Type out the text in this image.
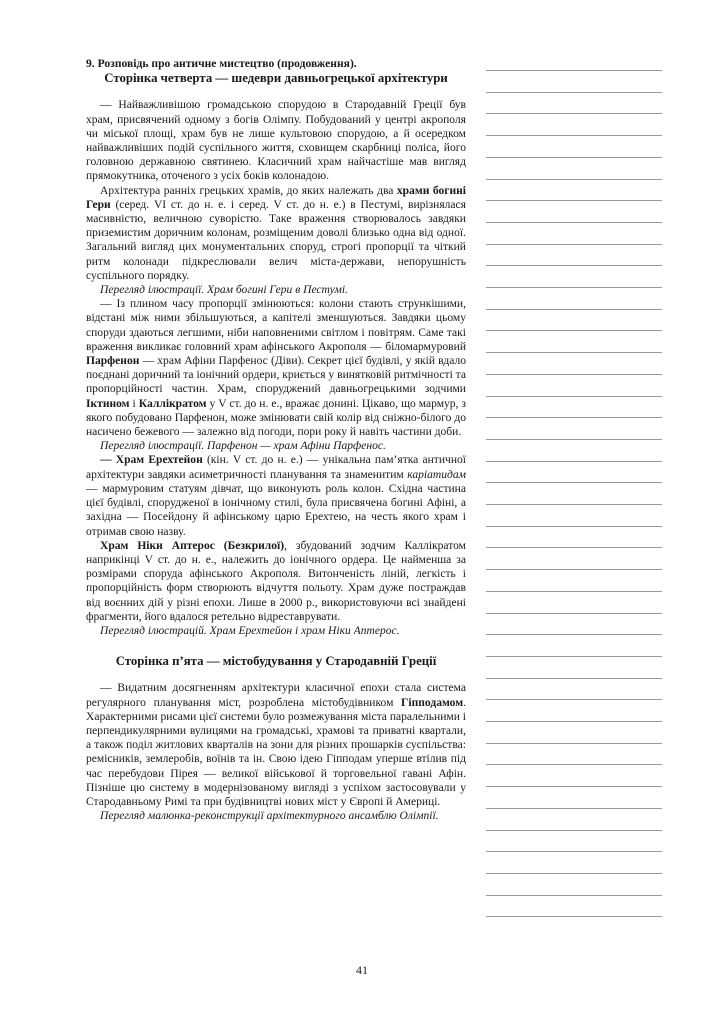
9. Розповідь про античне мистецтво (продовження).

Сторінка четверта — шедеври давньогрецької архітектури

— Найважливішою громадською спорудою в Стародавній Греції був храм, присвячений одному з богів Олімпу. Побудований у центрі акрополя чи міської площі, храм був не лише культовою спорудою, а й осередком найважливіших подій суспільного життя, сховищем скарбниці поліса, його головною державною святинею. Класичний храм найчастіше мав вигляд прямокутника, оточеного з усіх боків колонадою.

Архітектура ранніх грецьких храмів, до яких належать два храми богині Гери (серед. VI ст. до н. е. і серед. V ст. до н. е.) в Пестумі, вирізнялася масивністю, величною суворістю. Таке враження створювалось завдяки приземистим доричним колонам, розміщеним доволі близько одна від одної. Загальний вигляд цих монументальних споруд, строгі пропорції та чіткий ритм колонади підкреслювали велич міста-держави, непорушність суспільного порядку.

Перегляд ілюстрації. Храм богині Гери в Пестумі.

— Із плином часу пропорції змінюються: колони стають стрункішими, відстані між ними збільшуються, а капітелі зменшуються. Завдяки цьому споруди здаються легшими, ніби наповненими світлом і повітрям. Саме такі враження викликає головний храм афінського Акрополя — біломармуровий Парфенон — храм Афіни Парфенос (Діви). Секрет цієї будівлі, у якій вдало поєднані доричний та іонічний ордери, криється у винятковій ритмічності та пропорційності частин. Храм, споруджений давньогрецькими зодчими Іктином і Каллікратом у V ст. до н. е., вражає донині. Цікаво, що мармур, з якого побудовано Парфенон, може змінювати свій колір від сніжно-білого до насичено бежевого — залежно від погоди, пори року й навіть частини доби.

Перегляд ілюстрації. Парфенон — храм Афіни Парфенос.

— Храм Ерехтейон (кін. V ст. до н. е.) — унікальна пам’ятка античної архітектури завдяки асиметричності планування та знаменитим каріатидам — мармуровим статуям дівчат, що виконують роль колон. Східна частина цієї будівлі, спорудженої в іонічному стилі, була присвячена богині Афіні, а західна — Посейдону й афінському царю Ерехтею, на честь якого храм і отримав свою назву.

Храм Ніки Аптерос (Безкрилої), збудований зодчим Каллікратом наприкінці V ст. до н. е., належить до іонічного ордера. Це найменша за розмірами споруда афінського Акрополя. Витонченість ліній, легкість і пропорційність форм створюють відчуття польоту. Храм дуже постраждав від воєнних дій у різні епохи. Лише в 2000 р., використовуючи всі знайдені фрагменти, його вдалося ретельно відреставрувати.

Перегляд ілюстрацій. Храм Ерехтейон і храм Ніки Аптерос.

Сторінка п’ята — містобудування у Стародавній Греції

— Видатним досягненням архітектури класичної епохи стала система регулярного планування міст, розроблена містобудівником Гіпподамом. Характерними рисами цієї системи було розмежування міста паралельними і перпендикулярними вулицями на громадські, храмові та приватні квартали, а також поділ житлових кварталів на зони для різних прошарків суспільства: ремісників, землеробів, воїнів та ін. Свою ідею Гіпподам уперше втілив під час перебудови Пірея — великої військової й торговельної гавані Афін. Пізніше цю систему в модернізованому вигляді з успіхом застосовували у Стародавньому Римі та при будівництві нових міст у Європі й Америці.

Перегляд малюнка-реконструкції архітектурного ансамблю Олімпії.

41
